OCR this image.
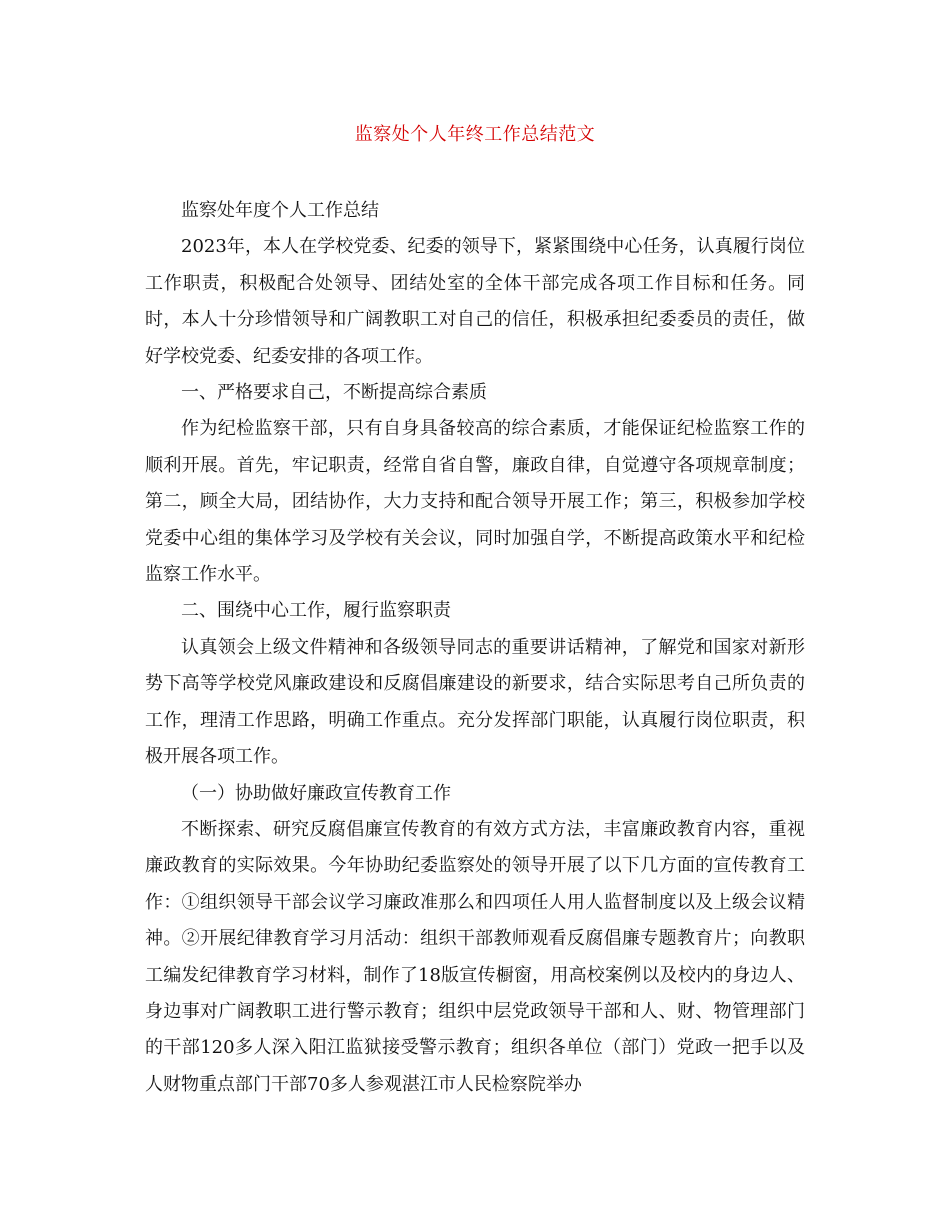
监察处个人年终工作总结范文

监察处年度个人工作总结

2023年，本人在学校党委、纪委的领导下，紧紧围绕中心任务，认真履行岗位工作职责，积极配合处领导、团结处室的全体干部完成各项工作目标和任务。同时，本人十分珍惜领导和广阔教职工对自己的信任，积极承担纪委委员的责任，做好学校党委、纪委安排的各项工作。

一、严格要求自己，不断提高综合素质

作为纪检监察干部，只有自身具备较高的综合素质，才能保证纪检监察工作的顺利开展。首先，牢记职责，经常自省自警，廉政自律，自觉遵守各项规章制度；第二，顾全大局，团结协作，大力支持和配合领导开展工作；第三，积极参加学校党委中心组的集体学习及学校有关会议，同时加强自学，不断提高政策水平和纪检监察工作水平。

二、围绕中心工作，履行监察职责

认真领会上级文件精神和各级领导同志的重要讲话精神，了解党和国家对新形势下高等学校党风廉政建设和反腐倡廉建设的新要求，结合实际思考自己所负责的工作，理清工作思路，明确工作重点。充分发挥部门职能，认真履行岗位职责，积极开展各项工作。

（一）协助做好廉政宣传教育工作

不断探索、研究反腐倡廉宣传教育的有效方式方法，丰富廉政教育内容，重视廉政教育的实际效果。今年协助纪委监察处的领导开展了以下几方面的宣传教育工作：①组织领导干部会议学习廉政准那么和四项任人用人监督制度以及上级会议精神。②开展纪律教育学习月活动：组织干部教师观看反腐倡廉专题教育片；向教职工编发纪律教育学习材料，制作了18版宣传橱窗，用高校案例以及校内的身边人、身边事对广阔教职工进行警示教育；组织中层党政领导干部和人、财、物管理部门的干部120多人深入阳江监狱接受警示教育；组织各单位（部门）党政一把手以及人财物重点部门干部70多人参观湛江市人民检察院举办
